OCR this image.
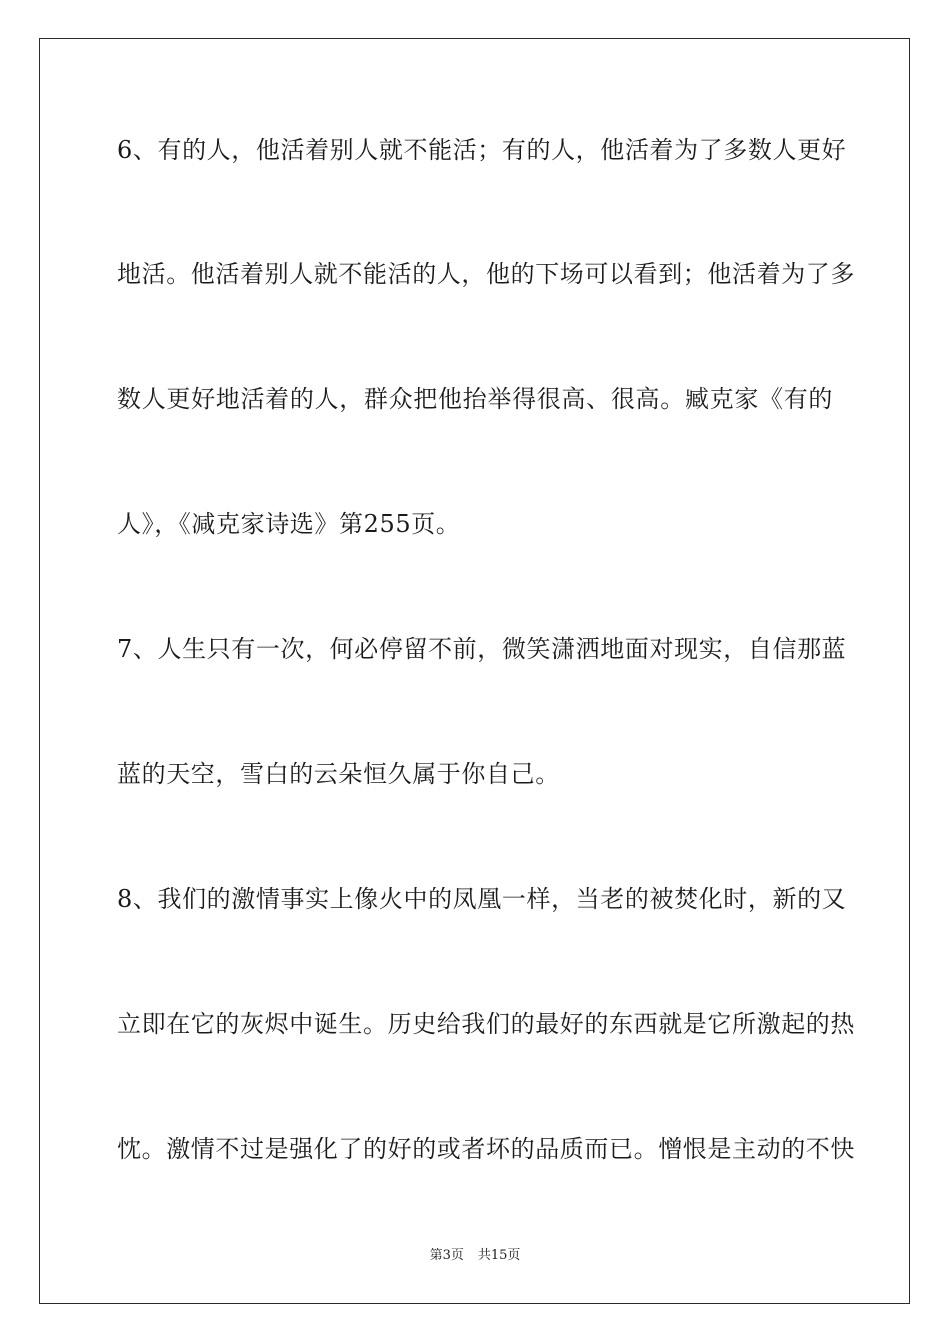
6、有的人，他活着别人就不能活；有的人，他活着为了多数人更好
地活。他活着别人就不能活的人，他的下场可以看到；他活着为了多
数人更好地活着的人，群众把他抬举得很高、很高。臧克家《有的
人》，《减克家诗选》第255页。
7、人生只有一次，何必停留不前，微笑潇洒地面对现实，自信那蓝
蓝的天空，雪白的云朵恒久属于你自己。
8、我们的激情事实上像火中的凤凰一样，当老的被焚化时，新的又
立即在它的灰烬中诞生。历史给我们的最好的东西就是它所激起的热
忱。激情不过是强化了的好的或者坏的品质而已。憎恨是主动的不快
第3页 共15页
